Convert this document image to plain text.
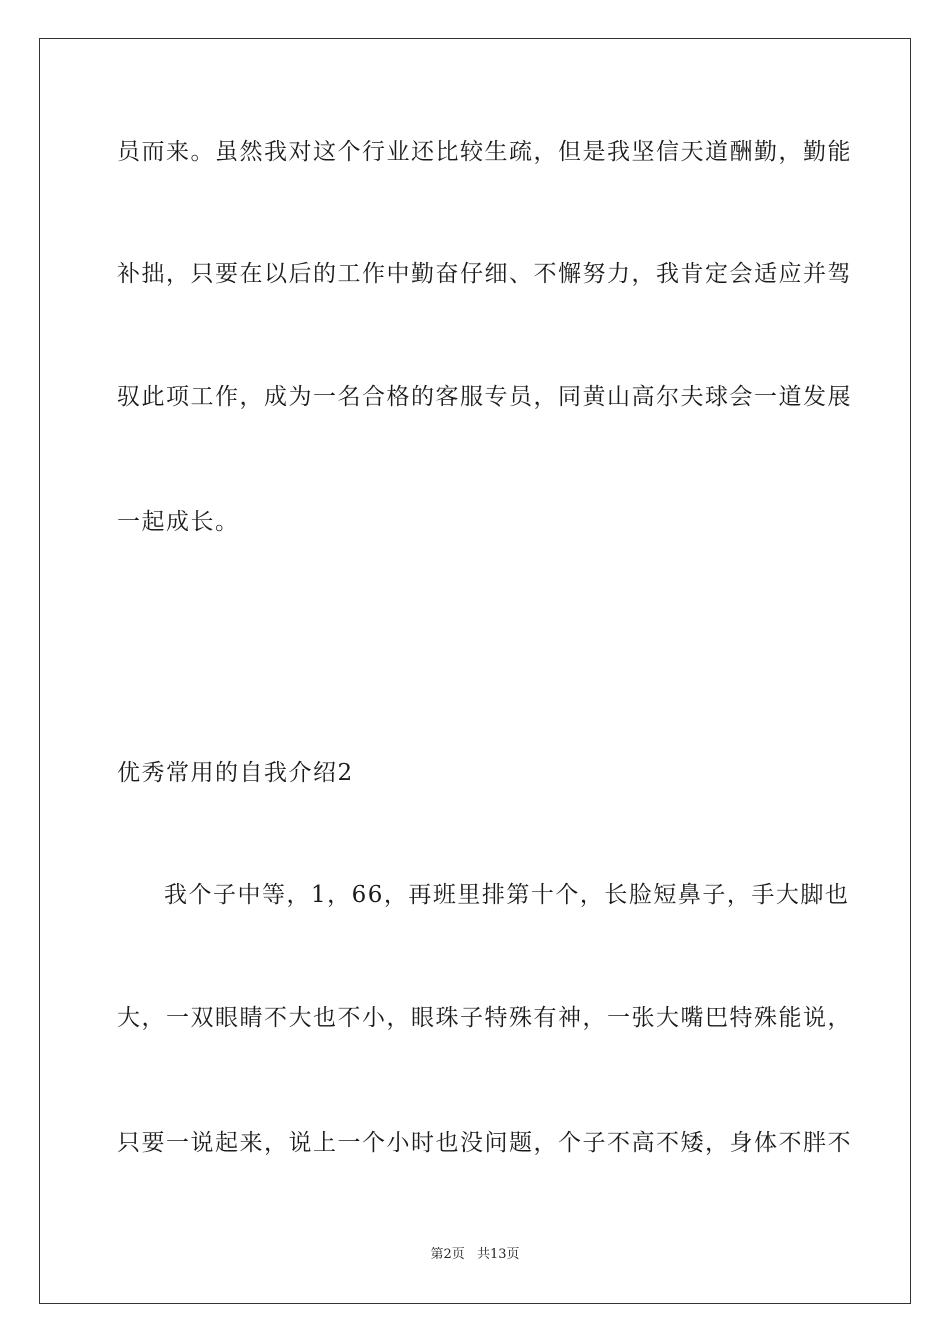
员而来。虽然我对这个行业还比较生疏，但是我坚信天道酬勤，勤能
补拙，只要在以后的工作中勤奋仔细、不懈努力，我肯定会适应并驾
驭此项工作，成为一名合格的客服专员，同黄山高尔夫球会一道发展
一起成长。
优秀常用的自我介绍2
我个子中等，1，66，再班里排第十个，长脸短鼻子，手大脚也
大，一双眼睛不大也不小，眼珠子特殊有神，一张大嘴巴特殊能说，
只要一说起来，说上一个小时也没问题，个子不高不矮，身体不胖不
第2页 共13页
